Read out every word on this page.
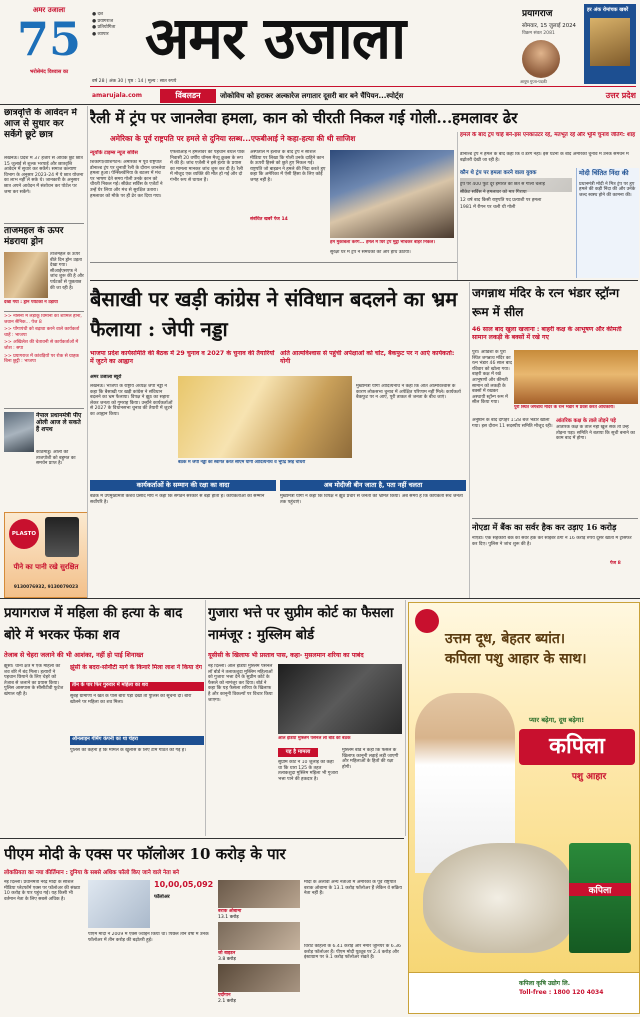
अमर उजाला
75
भरोसेमंद विश्वास का
● देश
● प्रयागराज
● प्रतियोगिता
● व्यापार अमर उजाला	प्रयागराज
सोमवार, 15 जुलाई 2024
विक्रम संवत 2081
आयुष गुप्ता-पदकी
हर अंक रोमांचक खबरें
वर्ष 28 | अंक 30 | पृष्ठ : 14 | मूल्य : सात रुपये
amarujala.com	विंबलडन	जोकोविच को हराकर अल्कारेज लगातार दूसरी बार बने चैंपियन...स्पोर्ट्स	उत्तर प्रदेश
छात्रवृत्ति के आवेदन में आज से सुधार कर सकेंगे छूटे छात्र
लखनऊ। प्रदेश में 37 हजार से अधिक छूटे छात्र 15 जुलाई से शुल्क भरपाई और छात्रवृत्ति आवेदन में सुधार कर सकेंगे। समाज कल्याण विभाग के अनुसार 2023-24 में ये छात्र योजना का लाभ नहीं ले सके थे। जानकारी के अनुसार छात्र अपने आवेदन में संशोधन कर पोर्टल पर जमा कर सकेंगे।
ताजमहल के ऊपर मंडराया ड्रोन
ताजमहल के ऊपर बीते दिन ड्रोन उड़ता देखा गया। सीआईएसएफ ने जांच शुरू की है और पर्यटकों से पूछताछ की जा रही है।
देखा गया : ड्रोन पर्यटकों ने उड़ाया
>> नौसेना में लड़ाकू विमानों का शामिल होना, जवान सैनिक... पेज 8
>> पोंगापंथी को बढ़ावा करने वाले कार्यकर्ता चाहें : भाजपा
>> अखिलेश की चेतावनी से कार्यकर्ताओं में जोश : सपा
>> प्रयागराज में कांवड़ियों पर रोक से ग्राहक बिना छुट्टी : भाजपा
नेपाल प्रधानमंत्री पीए ओली आज ले सकते हैं शपथ
काठमांडू। ओली की ताजपोशी को बहुमत का समर्थन प्राप्त है।
PLASTO
पीने का पानी रखे सुरक्षित
9130076932, 9130079023
रैली में ट्रंप पर जानलेवा हमला, कान को चीरती निकल गई गोली...हमलावर ढेर
अमेरिका के पूर्व राष्ट्रपति पर हमले से दुनिया स्तब्ध...एफबीआई ने कहा-हत्या की थी साजिश
न्यूयॉर्क टाइम्स न्यूज सर्विस
शिकागो/वाशिंगटन। अमेरिका में पूर्व राष्ट्रपति डोनाल्ड ट्रंप पर चुनावी रैली के दौरान जानलेवा हमला हुआ। पेन्सिलवेनिया के बटलर में मंच पर भाषण देते समय गोली उनके कान को चीरती निकल गई। सीक्रेट सर्विस के एजेंटों ने उन्हें घेर लिया और मंच से सुरक्षित उतारा। हमलावर को मौके पर ही ढेर कर दिया गया।
एफबीआई ने हमलावर की पहचान बेथल पार्क निवासी 20 वर्षीय थॉमस मैथ्यू क्रुक्स के रूप में की है। जांच एजेंसी ने इसे हत्या के प्रयास का मामला मानकर जांच शुरू कर दी है। रैली में मौजूद एक व्यक्ति की मौत हो गई और दो गंभीर रूप से घायल हैं।
अस्पताल में इलाज के बाद ट्रंप ने सोशल मीडिया पर लिखा कि गोली उनके दाहिने कान के ऊपरी हिस्से को छूते हुए निकल गई। राष्ट्रपति जो बाइडन ने हमले की निंदा करते हुए कहा कि अमेरिका में ऐसी हिंसा के लिए कोई जगह नहीं है।
संबंधित खबरें पेज 14
हम मुकाबला करेंगे... हमले में घिरे ट्रंप मुट्ठी भींचकर बाहर निकले।
सुरक्षा घेरे में ट्रंप ने समर्थकों की ओर हाथ उठाया।
हमले के बाद ट्रंप चाहें बने-इस एनकाउंटर रहें, मतभूत रहें और भूमि चुनाव जीतेंगे: शाह
डोनाल्ड ट्रंप ने हमले के बाद कहा कि वे डरेंगे नहीं। इस घटना के बाद अमेरिकी चुनाव में उनके समर्थन में बढ़ोतरी देखी जा रही है।
कौन थे ट्रंप पर हमला करने वाला युवक
ट्रंप पर 400 फुट दूर इमारत की छत से गोली चलाई
सीक्रेट सर्विस ने हमलावर को मार गिराया
12 वर्ष बाद किसी राष्ट्रपति पद प्रत्याशी पर हमला
1981 में रीगन पर चली थी गोली
मोदी चिंतित निंदा की
प्रधानमंत्री मोदी ने मित्र ट्रंप पर हुए हमले की कड़ी निंदा की और उनके जल्द स्वस्थ होने की कामना की।
बैसाखी पर खड़ी कांग्रेस ने संविधान बदलने का भ्रम फैलाया : जेपी नड्डा
भाजपा प्रदेश कार्यसमिति की बैठक में 29 चुनाव व 2027 के चुनाव की तैयारियों में जुटने का आह्वान
अति आत्मविश्वास से पहुंची अपेक्षाओं को चोट, बैकफुट पर न आएं कार्यकर्ता: योगी
अमर उजाला ब्यूरो
लखनऊ। भाजपा के राष्ट्रीय अध्यक्ष जेपी नड्डा ने कहा कि बैसाखी पर खड़ी कांग्रेस ने संविधान बदलने का भ्रम फैलाया। विपक्ष ने झूठ का सहारा लेकर जनता को गुमराह किया। उन्होंने कार्यकर्ताओं से 2027 के विधानसभा चुनाव की तैयारी में जुटने का आह्वान किया।
बैठक में जेपी नड्डा का स्वागत करते सीएम योगी आदित्यनाथ व भूपेंद्र सिंह चौधरी
मुख्यमंत्री योगी आदित्यनाथ ने कहा कि अति आत्मविश्वास के कारण लोकसभा चुनाव में अपेक्षित परिणाम नहीं मिले। कार्यकर्ता बैकफुट पर न आएं, पूरी ताकत से जनता के बीच जाएं।
कार्यकर्ताओं के सम्मान की रक्षा का वादा	अब मोदीजी बीन जाता है, पता नहीं चलता
बैठक में उपमुख्यमंत्री केशव प्रसाद मौर्य ने कहा कि संगठन सरकार से बड़ा होता है। कार्यकर्ताओं का सम्मान सर्वोपरि है।
मुख्यमंत्री योगी ने कहा कि विपक्ष ने झूठे प्रचार से जनता को भ्रमित किया। अब समय है कि कार्यकर्ता सच जनता तक पहुंचाएं।
जगन्नाथ मंदिर के रत्न भंडार स्ट्रॉन्ग रूम में सील
46 साल बाद खुला खजाना : बाहरी कक्ष के आभूषण और कीमती सामान लकड़ी के बक्सों में रखे गए
पुरी। ओडिशा के पुरी स्थित जगन्नाथ मंदिर का रत्न भंडार 46 साल बाद रविवार को खोला गया। बाहरी कक्ष में रखे आभूषणों और कीमती सामान को लकड़ी के बक्सों में रखकर अस्थायी स्ट्रॉन्ग रूम में सील किया गया।
पुरी स्थित जगन्नाथ मंदिर के रत्न भंडार में प्रवेश करते अधिकारी।
आंतरिक कक्ष के ताले तोड़ने पड़े
आंतरिक कक्ष के ताले नहीं खुल सके तो उन्हें तोड़ना पड़ा। समिति ने बताया कि सूची बनाने का काम बाद में होगा।
अनुष्ठान के बाद दोपहर 1:28 बजे भंडार खोला गया। इस दौरान 11 सदस्यीय समिति मौजूद रही।
नोएडा में बैंक का सर्वर हैक कर उड़ाए 16 करोड़
नोएडा। एक सहकारी बैंक का सर्वर हैक कर साइबर ठगों ने 16 करोड़ रुपये दूसरे खातों में ट्रांसफर कर दिए। पुलिस ने जांच शुरू की है।
पेज 8
प्रयागराज में महिला की हत्या के बाद बोरे में भरकर फेंका शव
तेजाब से चेहरा जलाने की भी आशंका, नहीं हो पाई शिनाख्त
झूंसी। थाना क्षेत्र में एक महिला का शव बोरे में बंद मिला। हत्यारों ने पहचान छिपाने के लिए चेहरे को तेजाब से जलाने का प्रयास किया। पुलिस आसपास के सीसीटीवी फुटेज खंगाल रही है।
झूंसी के बदरा-सोनौटी मार्ग के किनारे मिला लाश ने किया दंग
तीन के पार फिर गुरुवार में महिला का शव
सुबह ग्रामीणों ने खेत के पास बोरा पड़ा देखा तो पुलिस को सूचना दी। बोरा खोलने पर महिला का शव मिला।
ऑनलाइन गेमिंग कंपनी का था चेहरा
पुलिस का कहना है कि मामले के खुलासे के लिए टीमें गठित की गई हैं।
गुजारा भत्ते पर सुप्रीम कोर्ट का फैसला नामंजूर : मुस्लिम बोर्ड
यूसीसी के खिलाफ भी प्रस्ताव पास, कहा- मुसलमान शरिया का पाबंद
नई दिल्ली। ऑल इंडिया मुस्लिम पर्सनल लॉ बोर्ड ने तलाकशुदा मुस्लिम महिलाओं को गुजारा भत्ता देने के सुप्रीम कोर्ट के फैसले को नामंजूर कर दिया। बोर्ड ने कहा कि यह फैसला शरिया के खिलाफ है और कानूनी विकल्पों पर विचार किया जाएगा।
ऑल इंडिया मुस्लिम पर्सनल लॉ बोर्ड की बैठक
यह है मामला
सुप्रीम कोर्ट ने 10 जुलाई को कहा था कि धारा 125 के तहत तलाकशुदा मुस्लिम महिला भी गुजारा भत्ता पाने की हकदार है।
मुस्लिम बोर्ड ने कहा कि फैसले के खिलाफ कानूनी लड़ाई लड़ी जाएगी और महिलाओं के हितों की रक्षा होगी।
उत्तम दूध, बेहतर ब्यांत।
कपिला पशु आहार के साथ।
प्यार बढ़ेगा, दूध बढ़ेगा!
कपिला
पशु आहार
कपिला
कपिला कृषि उद्योग लि.
Toll-free : 1800 120 4034
पीएम मोदी के एक्स पर फॉलोअर 10 करोड़ के पार
लोकप्रियता का नया कीर्तिमान : दुनिया के सबसे अधिक फॉलो किए जाने वाले नेता बने
नई दिल्ली। प्रधानमंत्री नरेंद्र मोदी के सोशल मीडिया प्लेटफॉर्म एक्स पर फॉलोअर की संख्या 10 करोड़ के पार पहुंच गई। यह किसी भी वर्तमान नेता के लिए सबसे अधिक है।
10,00,05,092
फॉलोअर
पीएम मोदी ने 2009 में एक्स ज्वाइन किया था। पिछले तीन वर्षों में उनके फॉलोअर में तीन करोड़ की बढ़ोतरी हुई।
बराक ओबामा
13.1 करोड़
जो बाइडन
3.8 करोड़
एर्दोगान
2.1 करोड़
मोदी के अलावा अन्य नेताओं में अमेरिका के पूर्व राष्ट्रपति बराक ओबामा के 13.1 करोड़ फॉलोअर हैं लेकिन वे सक्रिय नेता नहीं हैं।
विराट कोहली के 6.41 करोड़ और नेमार जूनियर के 6.36 करोड़ फॉलोअर हैं। पीएम मोदी यूट्यूब पर 2.4 करोड़ और इंस्टाग्राम पर 9.1 करोड़ फॉलोअर रखते हैं।
